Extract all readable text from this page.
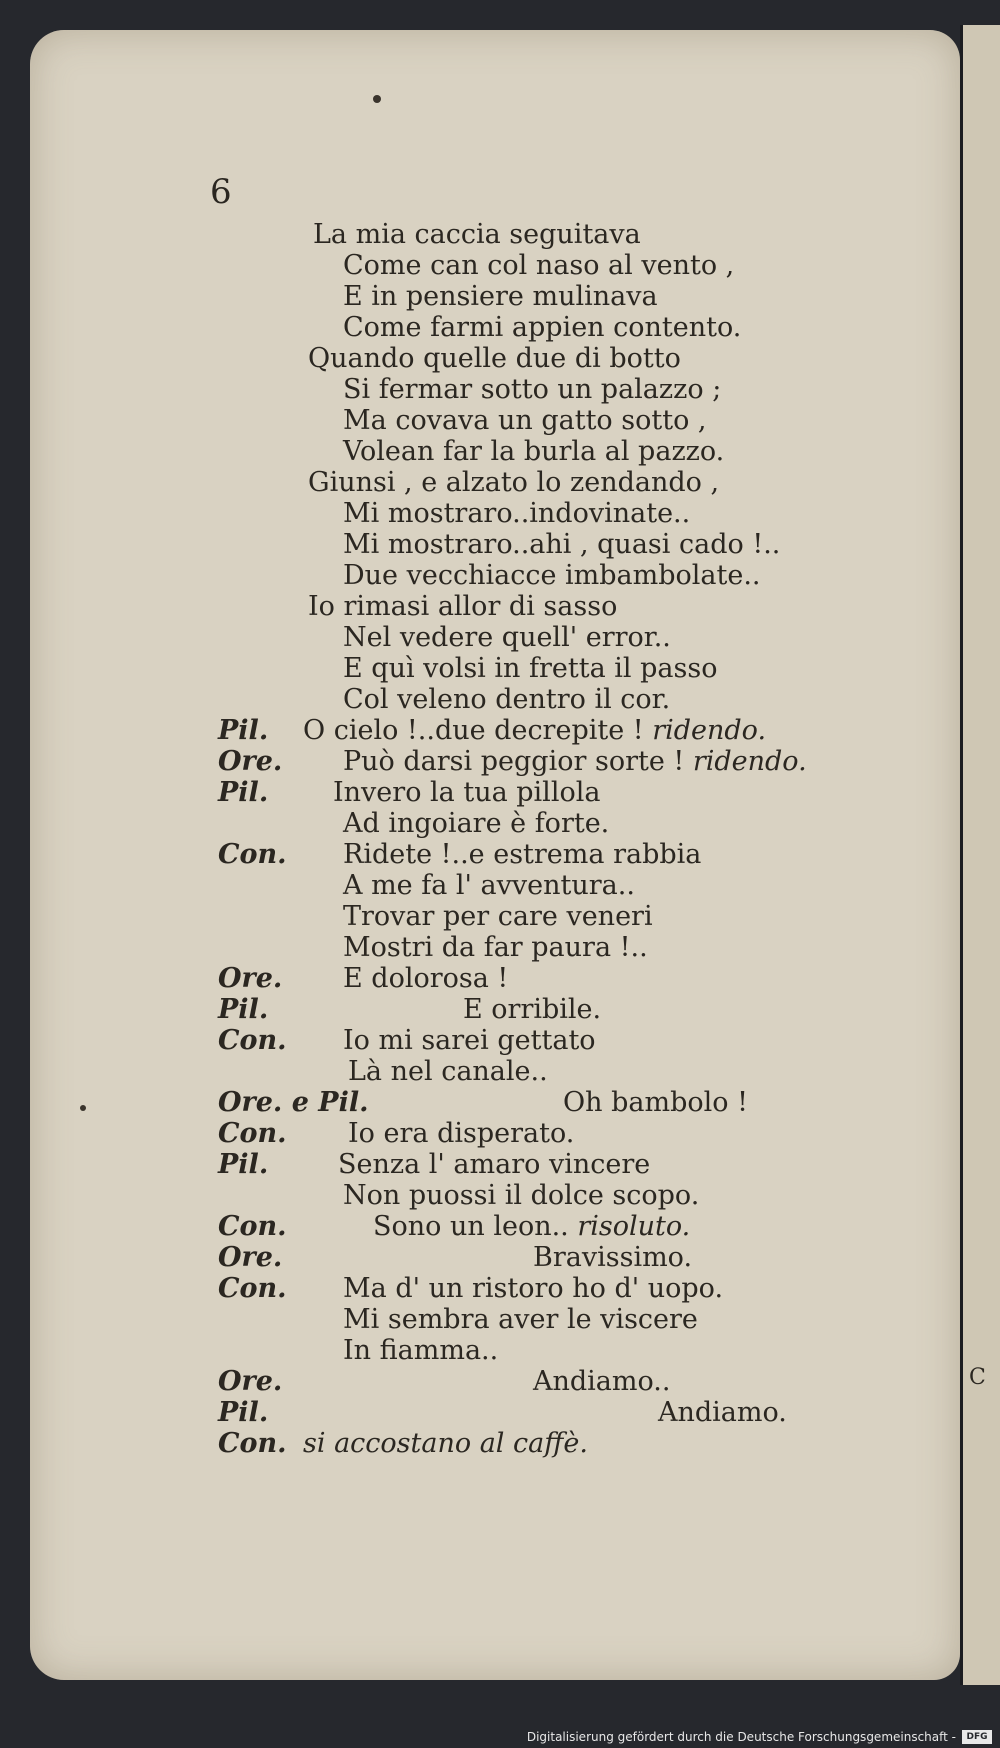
C
6
La mia caccia seguitava
Come can col naso al vento ,
E in pensiere mulinava
Come farmi appien contento.
Quando quelle due di botto
Si fermar sotto un palazzo ;
Ma covava un gatto sotto ,
Volean far la burla al pazzo.
Giunsi , e alzato lo zendando ,
Mi mostraro..indovinate..
Mi mostraro..ahi , quasi cado !..
Due vecchiacce imbambolate..
Io rimasi allor di sasso
Nel vedere quell' error..
E quì volsi in fretta il passo
Col veleno dentro il cor.
Pil. O cielo !..due decrepite ! ridendo.
Ore. Può darsi peggior sorte ! ridendo.
Pil. Invero la tua pillola
Ad ingoiare è forte.
Con. Ridete !..e estrema rabbia
A me fa l' avventura..
Trovar per care veneri
Mostri da far paura !..
Ore. E dolorosa !
Pil.	E orribile.
Con. Io mi sarei gettato
Là nel canale..
Ore. e Pil.	Oh bambolo !
Con. Io era disperato.
Pil.	Senza l' amaro vincere
Non puossi il dolce scopo.
Con.	Sono un leon.. risoluto.
Ore.	Bravissimo.
Con. Ma d' un ristoro ho d' uopo.
Mi sembra aver le viscere
In fiamma..
Ore.	Andiamo..
Pil.	Andiamo.
Con. si accostano al caffè.
Digitalisierung gefördert durch die Deutsche Forschungsgemeinschaft -	DFG
